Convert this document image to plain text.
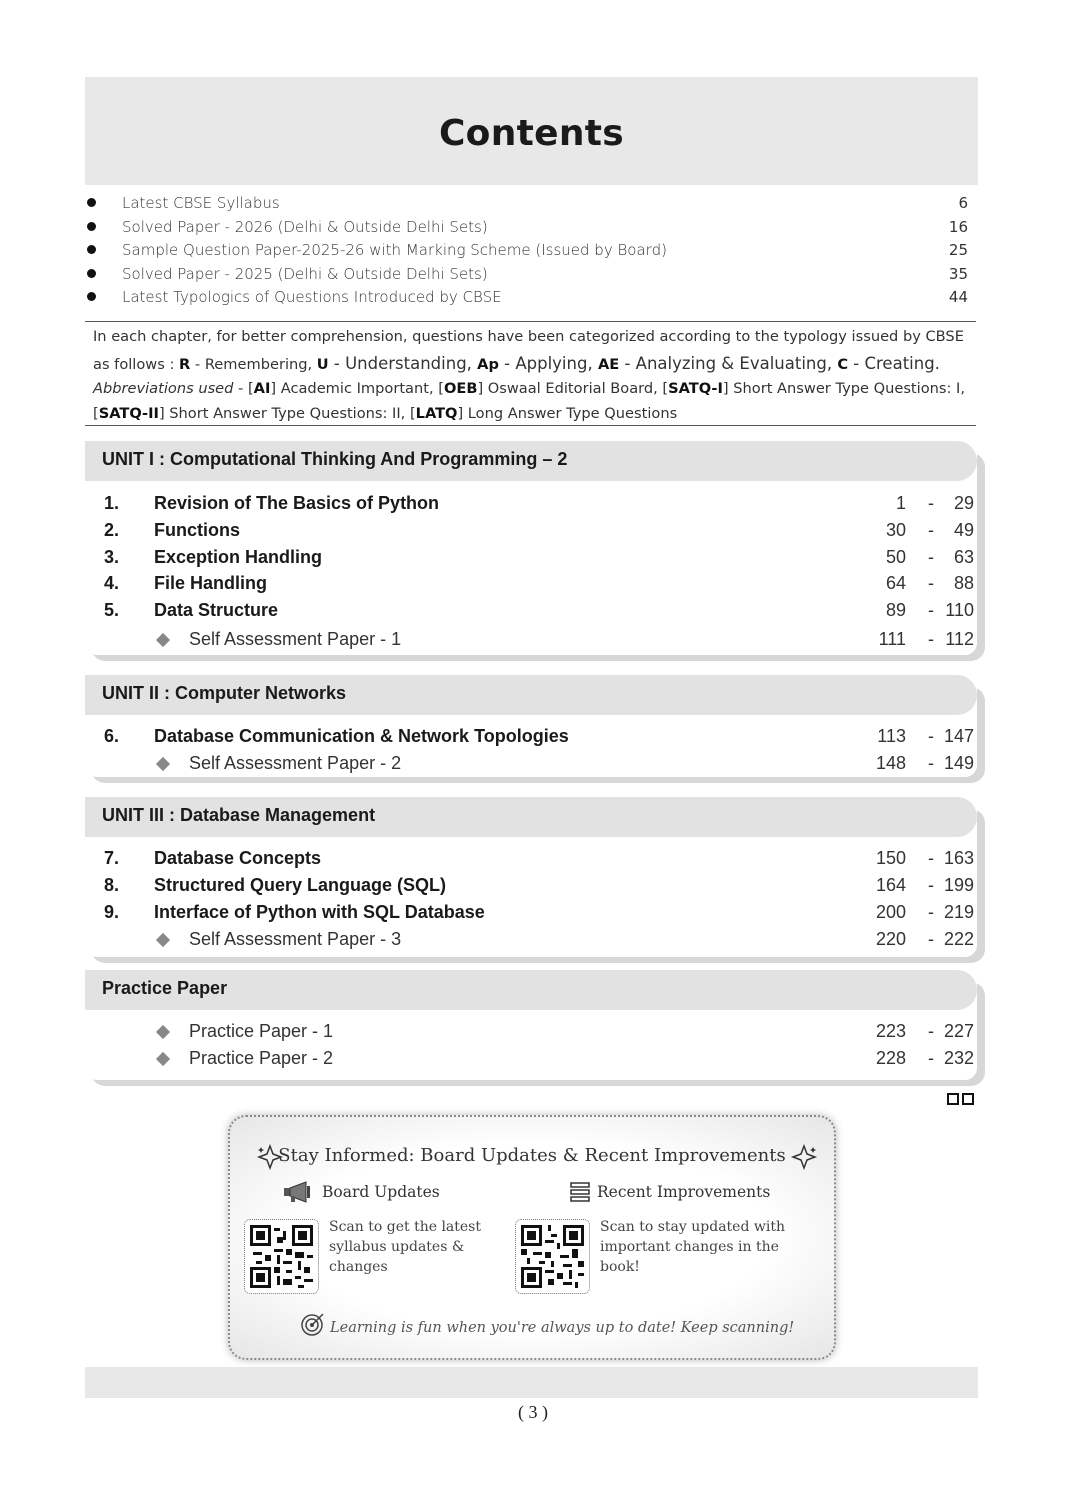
Contents
Latest CBSE Syllabus	6
Solved Paper - 2026 (Delhi & Outside Delhi Sets)	16
Sample Question Paper-2025-26 with Marking Scheme (Issued by Board)	25
Solved Paper - 2025 (Delhi & Outside Delhi Sets)	35
Latest Typologics of Questions Introduced by CBSE	44
In each chapter, for better comprehension, questions have been categorized according to the typology issued by CBSE
as follows : R - Remembering, U - Understanding, Ap - Applying, AE - Analyzing & Evaluating, C - Creating.
Abbreviations used - [AI] Academic Important, [OEB] Oswaal Editorial Board, [SATQ-I] Short Answer Type Questions: I,
[SATQ-II] Short Answer Type Questions: II, [LATQ] Long Answer Type Questions
UNIT I : Computational Thinking And Programming – 2
1. Revision of The Basics of Python	1 - 29
2. Functions	30 - 49
3. Exception Handling	50 - 63
4. File Handling	64 - 88
5. Data Structure	89 - 110
Self Assessment Paper - 1	111 - 112
UNIT II : Computer Networks
6. Database Communication & Network Topologies	113 - 147
Self Assessment Paper - 2	148 - 149
UNIT III : Database Management
7. Database Concepts	150 - 163
8. Structured Query Language (SQL)	164 - 199
9. Interface of Python with SQL Database	200 - 219
Self Assessment Paper - 3	220 - 222
Practice Paper
Practice Paper - 1	223 - 227
Practice Paper - 2	228 - 232
Stay Informed: Board Updates & Recent Improvements
Board Updates	Recent Improvements
Scan to get the latest syllabus updates & changes
Scan to stay updated with important changes in the book!
Learning is fun when you're always up to date! Keep scanning!
( 3 )
